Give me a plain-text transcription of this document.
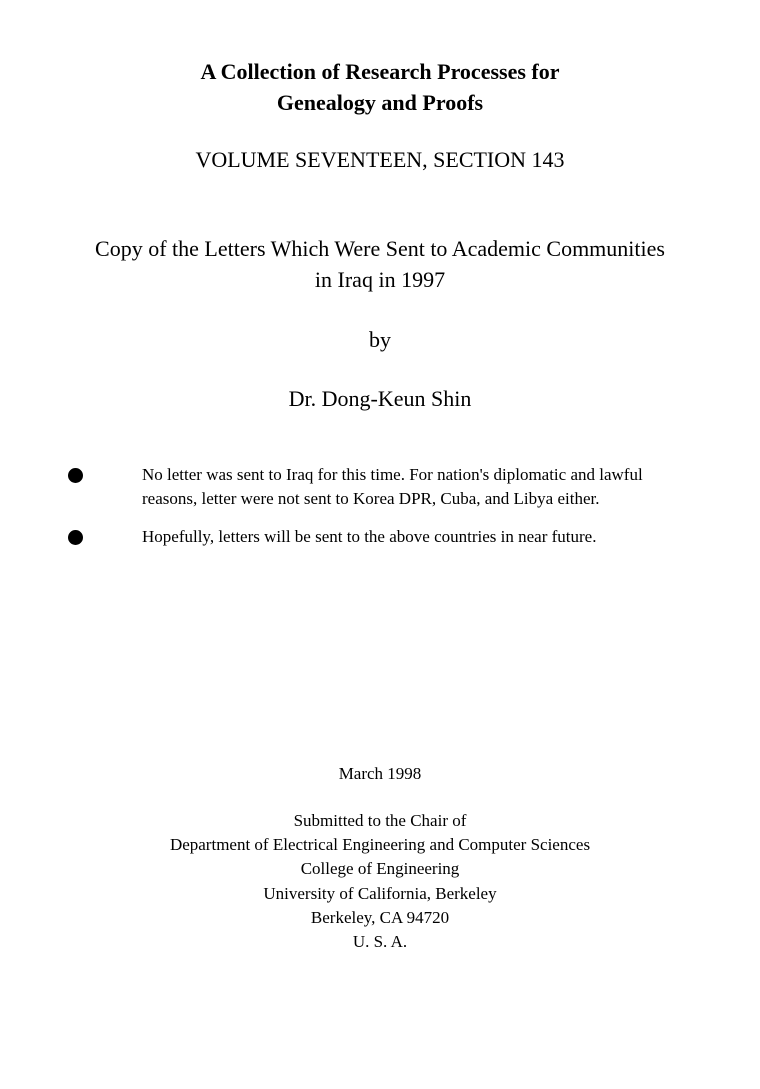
A Collection of Research Processes for
Genealogy and Proofs

VOLUME SEVENTEEN, SECTION 143

Copy of the Letters Which Were Sent to Academic Communities
in Iraq in 1997

by

Dr. Dong-Keun Shin

No letter was sent to Iraq for this time. For nation's diplomatic and lawful
reasons, letter were not sent to Korea DPR, Cuba, and Libya either.
Hopefully, letters will be sent to the above countries in near future.

March 1998

Submitted to the Chair of
Department of Electrical Engineering and Computer Sciences
College of Engineering
University of California, Berkeley
Berkeley, CA 94720
U. S. A.
